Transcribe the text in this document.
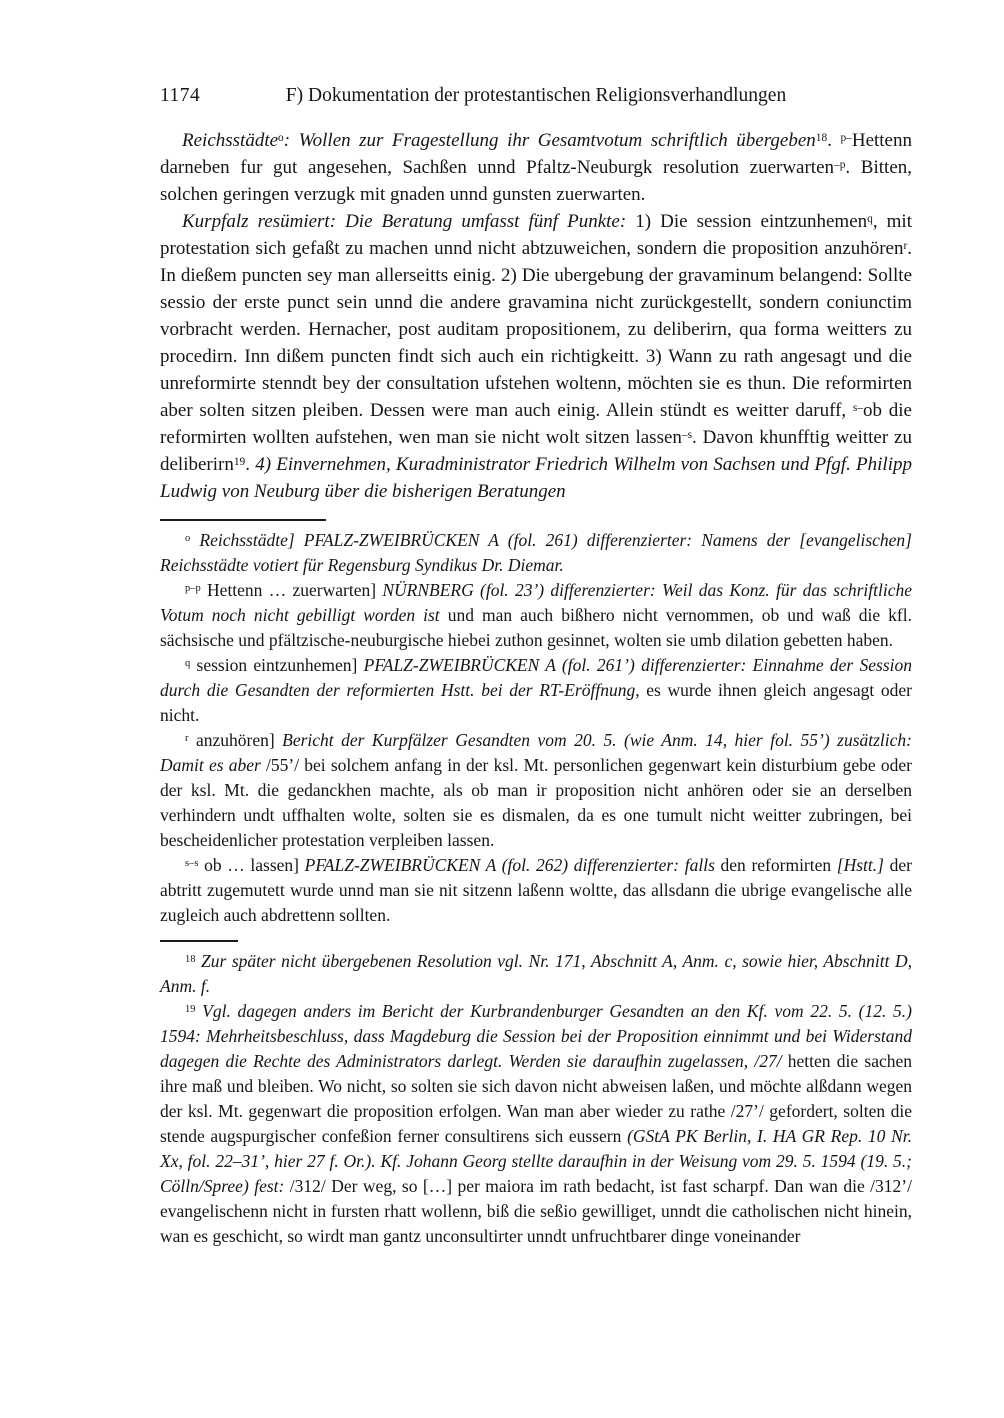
1174	F) Dokumentation der protestantischen Religionsverhandlungen

Reichsstädte$^o$: Wollen zur Fragestellung ihr Gesamtvotum schriftlich übergeben$^{18}$. $^{p-}$Hettenn darneben fur gut angesehen, Sachßen unnd Pfaltz-Neuburgk resolution zuerwarten$^{-p}$. Bitten, solchen geringen verzugk mit gnaden unnd gunsten zuerwarten.

Kurpfalz resümiert: Die Beratung umfasst fünf Punkte: 1) Die session eintzunhemen$^q$, mit protestation sich gefaßt zu machen unnd nicht abtzuweichen, sondern die proposition anzuhören$^r$. In dießem puncten sey man allerseitts einig. 2) Die ubergebung der gravaminum belangend: Sollte sessio der erste punct sein unnd die andere gravamina nicht zurückgestellt, sondern coniunctim vorbracht werden. Hernacher, post auditam propositionem, zu deliberirn, qua forma weitters zu procedirn. Inn dißem puncten findt sich auch ein richtigkeitt. 3) Wann zu rath angesagt und die unreformirte stenndt bey der consultation ufstehen woltenn, möchten sie es thun. Die reformirten aber solten sitzen pleiben. Dessen were man auch einig. Allein stündt es weitter daruff, $^{s-}$ob die reformirten wollten aufstehen, wen man sie nicht wolt sitzen lassen$^{-s}$. Davon khunfftig weitter zu deliberirn$^{19}$. 4) Einvernehmen, Kuradministrator Friedrich Wilhelm von Sachsen und Pfgf. Philipp Ludwig von Neuburg über die bisherigen Beratungen

$^o$ Reichsstädte] PFALZ-ZWEIBRÜCKEN A (fol. 261) differenzierter: Namens der [evangelischen] Reichsstädte votiert für Regensburg Syndikus Dr. Diemar.

$^{p-p}$ Hettenn … zuerwarten] NÜRNBERG (fol. 23’) differenzierter: Weil das Konz. für das schriftliche Votum noch nicht gebilligt worden ist und man auch bißhero nicht vernommen, ob und waß die kfl. sächsische und pfältzische-neuburgische hiebei zuthon gesinnet, wolten sie umb dilation gebetten haben.

$^q$ session eintzunhemen] PFALZ-ZWEIBRÜCKEN A (fol. 261’) differenzierter: Einnahme der Session durch die Gesandten der reformierten Hstt. bei der RT-Eröffnung, es wurde ihnen gleich angesagt oder nicht.

$^r$ anzuhören] Bericht der Kurpfälzer Gesandten vom 20. 5. (wie Anm. 14, hier fol. 55’) zusätzlich: Damit es aber /55’/ bei solchem anfang in der ksl. Mt. personlichen gegenwart kein disturbium gebe oder der ksl. Mt. die gedanckhen machte, als ob man ir proposition nicht anhören oder sie an derselben verhindern undt uffhalten wolte, solten sie es dismalen, da es one tumult nicht weitter zubringen, bei bescheidenlicher protestation verpleiben lassen.

$^{s-s}$ ob … lassen] PFALZ-ZWEIBRÜCKEN A (fol. 262) differenzierter: falls den reformirten [Hstt.] der abtritt zugemutett wurde unnd man sie nit sitzenn laßenn woltte, das allsdann die ubrige evangelische alle zugleich auch abdrettenn sollten.

$^{18}$ Zur später nicht übergebenen Resolution vgl. Nr. 171, Abschnitt A, Anm. c, sowie hier, Abschnitt D, Anm. f.

$^{19}$ Vgl. dagegen anders im Bericht der Kurbrandenburger Gesandten an den Kf. vom 22. 5. (12. 5.) 1594: Mehrheitsbeschluss, dass Magdeburg die Session bei der Proposition einnimmt und bei Widerstand dagegen die Rechte des Administrators darlegt. Werden sie daraufhin zugelassen, /27/ hetten die sachen ihre maß und bleiben. Wo nicht, so solten sie sich davon nicht abweisen laßen, und möchte alßdann wegen der ksl. Mt. gegenwart die proposition erfolgen. Wan man aber wieder zu rathe /27’/ gefordert, solten die stende augspurgischer confeßion ferner consultirens sich eussern (GStA PK Berlin, I. HA GR Rep. 10 Nr. Xx, fol. 22–31’, hier 27 f. Or.). Kf. Johann Georg stellte daraufhin in der Weisung vom 29. 5. 1594 (19. 5.; Cölln/Spree) fest: /312/ Der weg, so […] per maiora im rath bedacht, ist fast scharpf. Dan wan die /312’/ evangelischenn nicht in fursten rhatt wollenn, biß die seßio gewilliget, unndt die catholischen nicht hinein, wan es geschicht, so wirdt man gantz unconsultirter unndt unfruchtbarer dinge voneinander
